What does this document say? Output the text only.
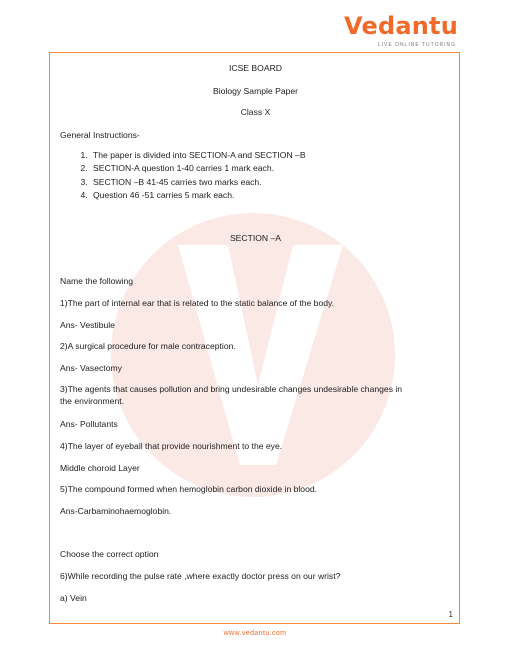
Vedantu
LIVE ONLINE TUTORING
ICSE BOARD
Biology Sample Paper
Class X
General Instructions-
1. The paper is divided into SECTION-A and SECTION –B
2. SECTION-A question 1-40 carries 1 mark each.
3. SECTION –B 41-45 carries two marks each.
4. Question 46 -51 carries 5 mark each.
SECTION –A
Name the following
1)The part of internal ear that is related to the static balance of the body.
Ans- Vestibule
2)A surgical procedure for male contraception.
Ans- Vasectomy
3)The agents that causes pollution and bring undesirable changes undesirable changes in
the environment.
Ans- Pollutants
4)The layer of eyeball that provide nourishment to the eye.
Middle choroid Layer
5)The compound formed when hemoglobin carbon dioxide in blood.
Ans-Carbaminohaemoglobin.
Choose the correct option
6)While recording the pulse rate ,where exactly doctor press on our wrist?
a) Vein
1
www.vedantu.com
